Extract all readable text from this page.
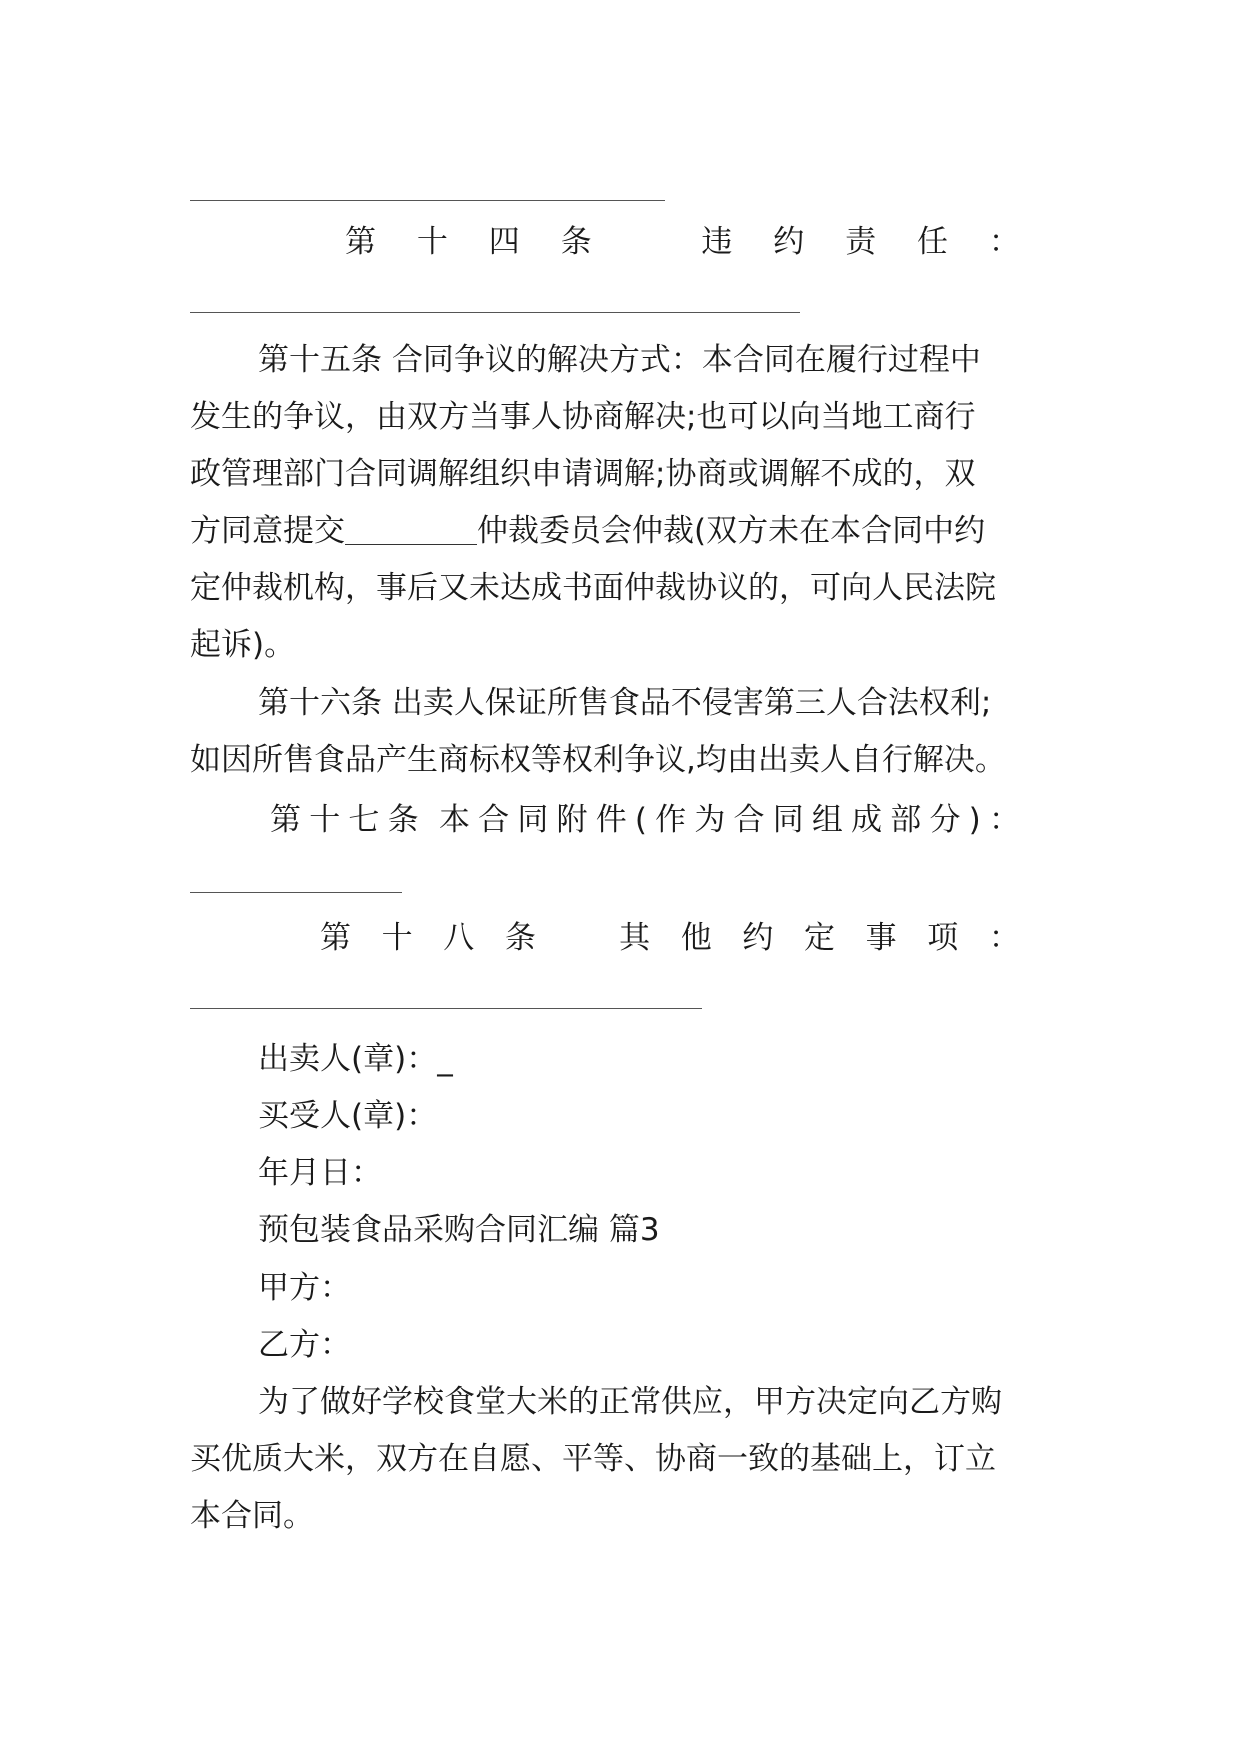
第 十 四 条	违 约 责 任 ：
第十五条 合同争议的解决方式：本合同在履行过程中
发生的争议，由双方当事人协商解决;也可以向当地工商行
政管理部门合同调解组织申请调解;协商或调解不成的，双
方同意提交	仲裁委员会仲裁(双方未在本合同中约
定仲裁机构，事后又未达成书面仲裁协议的，可向人民法院
起诉)。
第十六条 出卖人保证所售食品不侵害第三人合法权利;
如因所售食品产生商标权等权利争议,均由出卖人自行解决。
第 十 七 条 本 合 同 附 件 ( 作 为 合 同 组 成 部 分 ) ：
第 十 八 条	其 他 约 定 事 项 ：
出卖人(章)：_
买受人(章)：
年月日：
预包装食品采购合同汇编 篇3
甲方：
乙方：
为了做好学校食堂大米的正常供应，甲方决定向乙方购
买优质大米，双方在自愿、平等、协商一致的基础上，订立
本合同。
